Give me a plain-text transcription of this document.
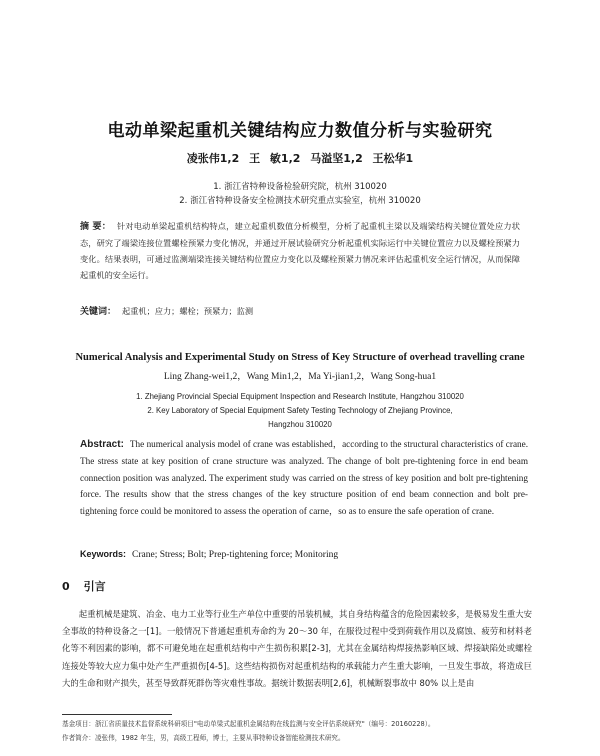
电动单梁起重机关键结构应力数值分析与实验研究
凌张伟1,2 王 敏1,2 马溢坚1,2 王松华1
1. 浙江省特种设备检验研究院，杭州 310020
2. 浙江省特种设备安全检测技术研究重点实验室，杭州 310020
摘 要： 针对电动单梁起重机结构特点，建立起重机数值分析模型，分析了起重机主梁以及端梁结构关键位置处应力状态，研究了端梁连接位置螺栓预紧力变化情况，并通过开展试验研究分析起重机实际运行中关键位置应力以及螺栓预紧力变化。结果表明，可通过监测端梁连接关键结构位置应力变化以及螺栓预紧力情况来评估起重机安全运行情况，从而保障起重机的安全运行。
关键词： 起重机；应力；螺栓；预紧力；监测
Numerical Analysis and Experimental Study on Stress of Key Structure of overhead travelling crane
Ling Zhang-wei1,2，Wang Min1,2，Ma Yi-jian1,2，Wang Song-hua1
1. Zhejiang Provincial Special Equipment Inspection and Research Institute, Hangzhou 310020
2. Key Laboratory of Special Equipment Safety Testing Technology of Zhejiang Province,
Hangzhou 310020
Abstract: The numerical analysis model of crane was established，according to the structural characteristics of crane. The stress state at key position of crane structure was analyzed. The change of bolt pre-tightening force in end beam connection position was analyzed. The experiment study was carried on the stress of key position and bolt pre-tightening force. The results show that the stress changes of the key structure position of end beam connection and bolt pre-tightening force could be monitored to assess the operation of carne，so as to ensure the safe operation of crane.
Keywords: Crane; Stress; Bolt; Prep-tightening force; Monitoring
0 引言
起重机械是建筑、冶金、电力工业等行业生产单位中重要的吊装机械，其自身结构蕴含的危险因素较多，是极易发生重大安全事故的特种设备之一[1]。一般情况下普通起重机寿命约为 20～30 年，在服役过程中受到荷载作用以及腐蚀、疲劳和材料老化等不利因素的影响，都不可避免地在起重机结构中产生损伤积累[2-3]，尤其在金属结构焊接热影响区域、焊接缺陷处或螺栓连接处等较大应力集中处产生严重损伤[4-5]。这些结构损伤对起重机结构的承载能力产生重大影响，一旦发生事故，将造成巨大的生命和财产损失，甚至导致群死群伤等灾难性事故。据统计数据表明[2,6]，机械断裂事故中 80% 以上是由
基金项目：浙江省质量技术监督系统科研项目"电动单梁式起重机金属结构在线监测与安全评估系统研究"（编号：20160228）。
作者简介：凌张伟，1982 年生，男，高级工程师，博士，主要从事特种设备智能检测技术研究。
